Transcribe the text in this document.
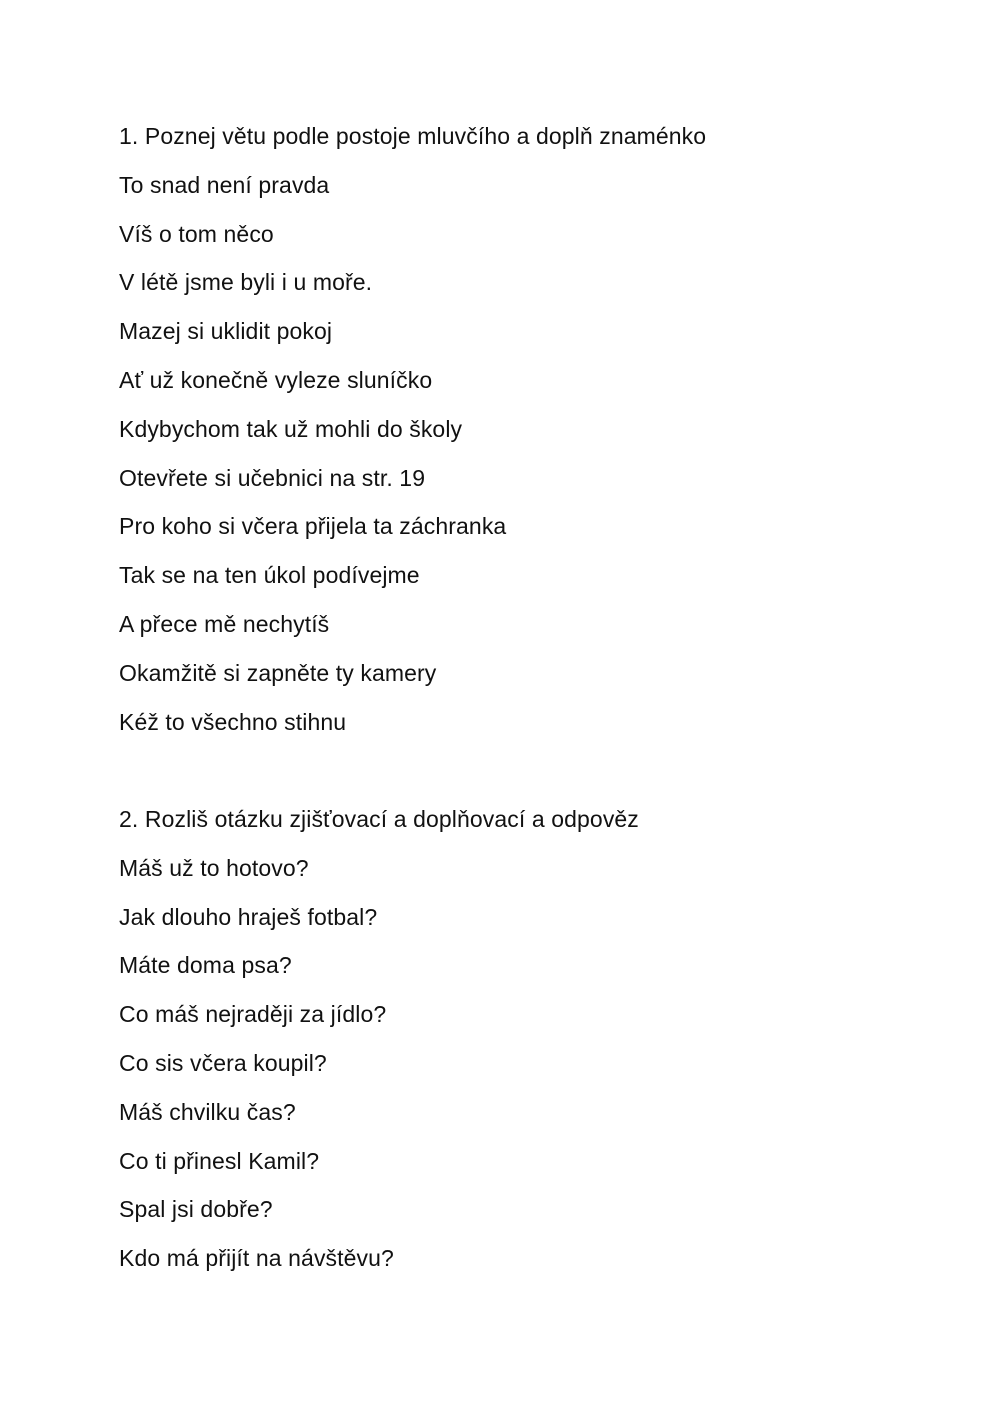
1. Poznej větu podle postoje mluvčího a doplň znaménko
To snad není pravda
Víš o tom něco
V létě jsme byli i u moře.
Mazej si uklidit pokoj
Ať už konečně vyleze sluníčko
Kdybychom tak už mohli do školy
Otevřete si učebnici na str. 19
Pro koho si včera přijela ta záchranka
Tak se na ten úkol podívejme
A přece mě nechytíš
Okamžitě si zapněte ty kamery
Kéž to všechno stihnu
2. Rozliš otázku zjišťovací a doplňovací a odpověz
Máš už to hotovo?
Jak dlouho hraješ fotbal?
Máte doma psa?
Co máš nejraději za jídlo?
Co sis včera koupil?
Máš chvilku čas?
Co ti přinesl Kamil?
Spal jsi dobře?
Kdo má přijít na návštěvu?
